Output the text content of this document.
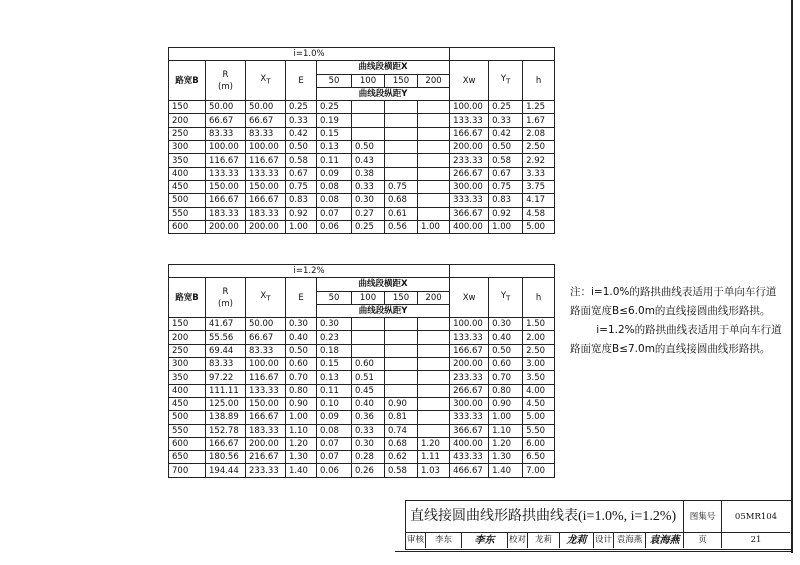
i=1.0%										
路宽B	R
(m)	$X_T$	E	曲线段横距X				Xw	$Y_T$	h
				50	100	150	200			
				曲线段纵距Y						
150	50.00	50.00	0.25	0.25				100.00	0.25	1.25
200	66.67	66.67	0.33	0.19				133.33	0.33	1.67
250	83.33	83.33	0.42	0.15				166.67	0.42	2.08
300	100.00	100.00	0.50	0.13	0.50			200.00	0.50	2.50
350	116.67	116.67	0.58	0.11	0.43			233.33	0.58	2.92
400	133.33	133.33	0.67	0.09	0.38			266.67	0.67	3.33
450	150.00	150.00	0.75	0.08	0.33	0.75		300.00	0.75	3.75
500	166.67	166.67	0.83	0.08	0.30	0.68		333.33	0.83	4.17
550	183.33	183.33	0.92	0.07	0.27	0.61		366.67	0.92	4.58
600	200.00	200.00	1.00	0.06	0.25	0.56	1.00	400.00	1.00	5.00
i=1.2%										
路宽B	R
(m)	$X_T$	E	曲线段横距X				Xw	$Y_T$	h
				50	100	150	200			
				曲线段纵距Y						
150	41.67	50.00	0.30	0.30				100.00	0.30	1.50
200	55.56	66.67	0.40	0.23				133.33	0.40	2.00
250	69.44	83.33	0.50	0.18				166.67	0.50	2.50
300	83.33	100.00	0.60	0.15	0.60			200.00	0.60	3.00
350	97.22	116.67	0.70	0.13	0.51			233.33	0.70	3.50
400	111.11	133.33	0.80	0.11	0.45			266.67	0.80	4.00
450	125.00	150.00	0.90	0.10	0.40	0.90		300.00	0.90	4.50
500	138.89	166.67	1.00	0.09	0.36	0.81		333.33	1.00	5.00
550	152.78	183.33	1.10	0.08	0.33	0.74		366.67	1.10	5.50
600	166.67	200.00	1.20	0.07	0.30	0.68	1.20	400.00	1.20	6.00
650	180.56	216.67	1.30	0.07	0.28	0.62	1.11	433.33	1.30	6.50
700	194.44	233.33	1.40	0.06	0.26	0.58	1.03	466.67	1.40	7.00

注：i=1.0%的路拱曲线表适用于单向车行道路面宽度B≤6.0m的直线接圆曲线形路拱。

i=1.2%的路拱曲线表适用于单向车行道路面宽度B≤7.0m的直线接圆曲线形路拱。

直线接圆曲线形路拱曲线表(i=1.0%, i=1.2%)	图集号	05MR104
审核	李东	李东	校对	龙莉	龙莉 设计 袁海燕 袁海燕	页	21
